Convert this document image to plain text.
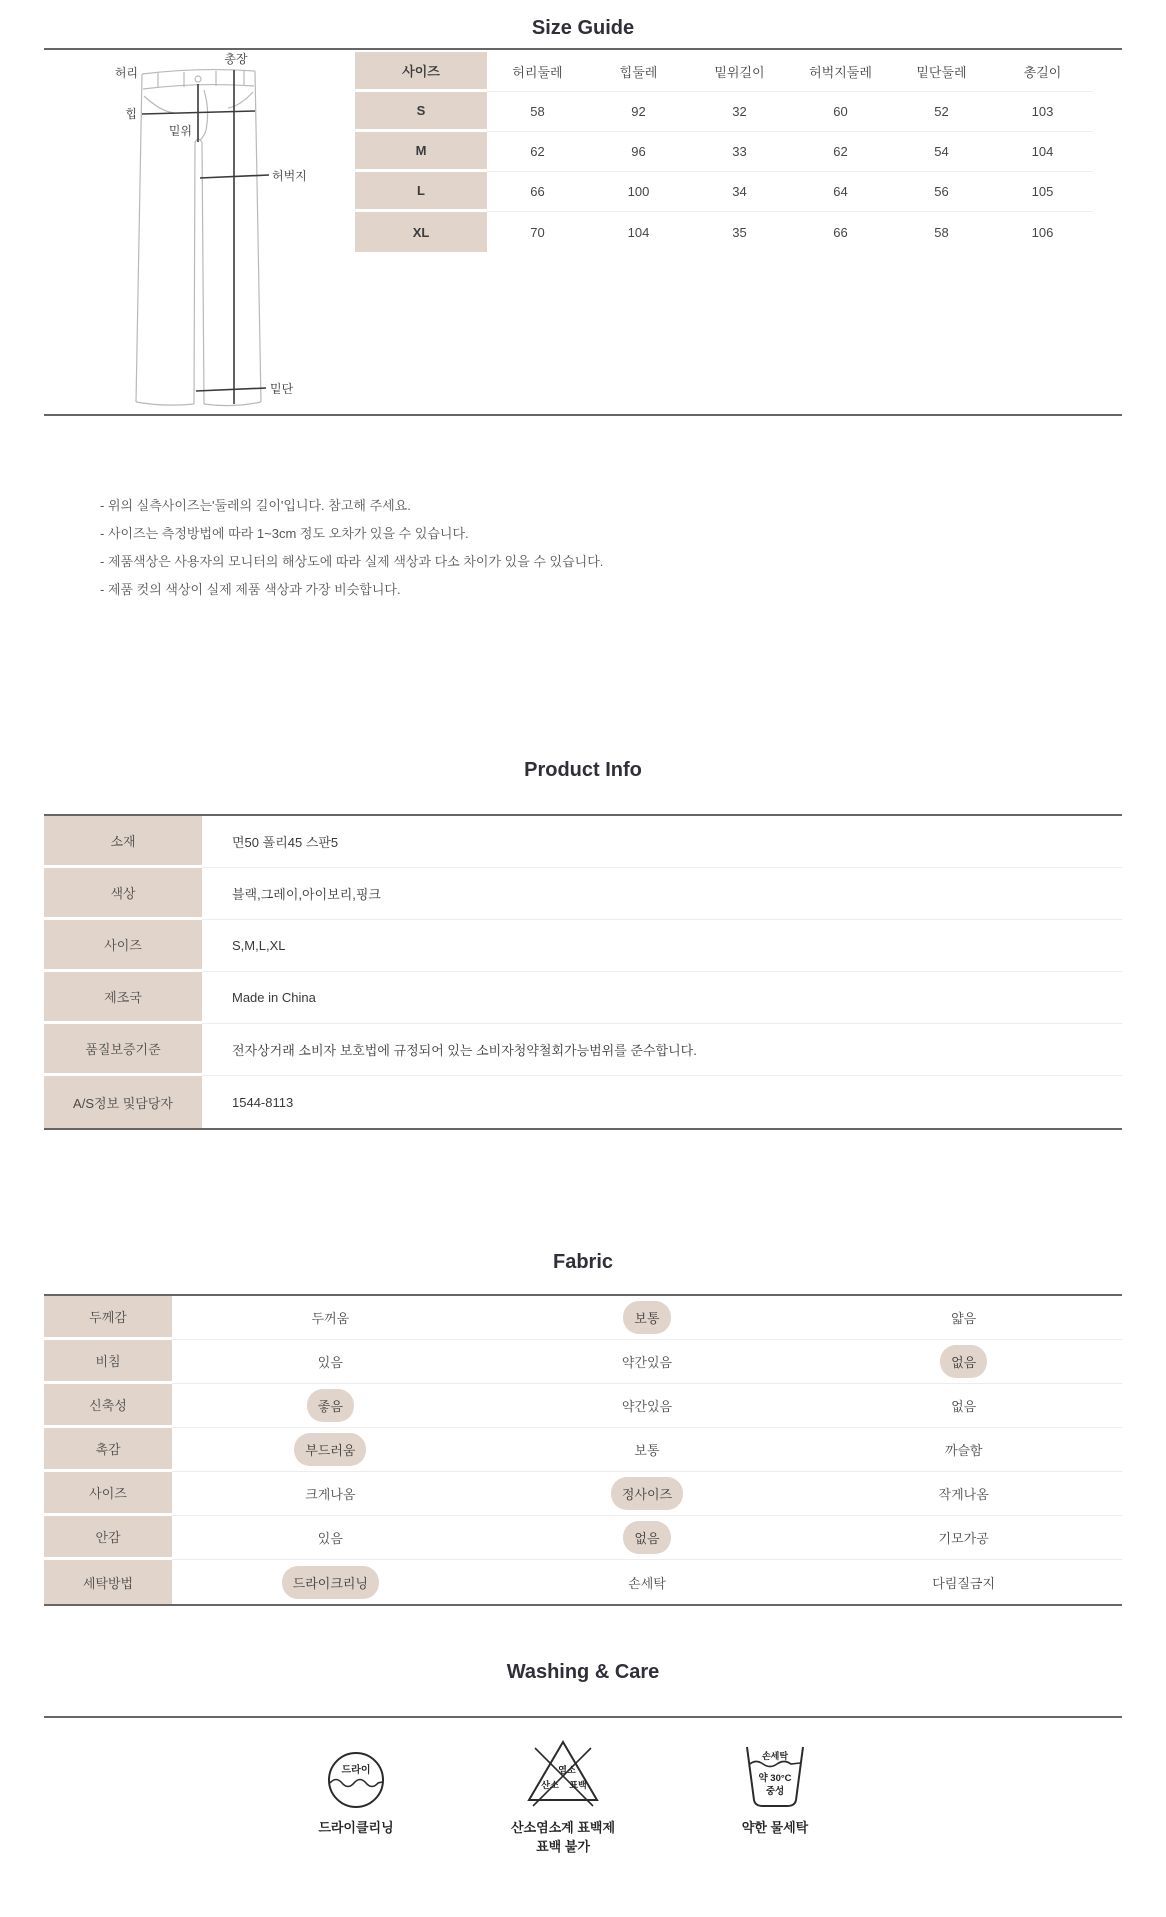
Size Guide
허리
총장
힙
밑위
허벅지
밑단
사이즈	허리둘레	힙둘레	밑위길이	허벅지둘레	밑단둘레	총길이
S	58	92	32	60	52	103
M	62	96	33	62	54	104
L	66	100	34	64	56	105
XL	70	104	35	66	58	106

- 위의 실측사이즈는'둘레의 길이'입니다. 참고해 주세요.

- 사이즈는 측정방법에 따라 1~3cm 정도 오차가 있을 수 있습니다.

- 제품색상은 사용자의 모니터의 해상도에 따라 실제 색상과 다소 차이가 있을 수 있습니다.

- 제품 컷의 색상이 실제 제품 색상과 가장 비슷합니다.

Product Info
소재	면50 폴리45 스판5
색상	블랙,그레이,아이보리,핑크
사이즈	S,M,L,XL
제조국	Made in China
품질보증기준	전자상거래 소비자 보호법에 규정되어 있는 소비자청약철회가능범위를 준수합니다.
A/S정보 및담당자	1544-8113
Fabric
두께감	두꺼움	보통	얇음
비침	있음	약간있음	없음
신축성	좋음	약간있음	없음
촉감	부드러움	보통	까슬함
사이즈	크게나옴	정사이즈	작게나옴
안감	있음	없음	기모가공
세탁방법	드라이크리닝	손세탁	다림질금지
Washing & Care
드라이
드라이클리닝
염소
산소 표백
산소염소계 표백제
표백 불가
손세탁
약 30°C
중성
약한 물세탁
